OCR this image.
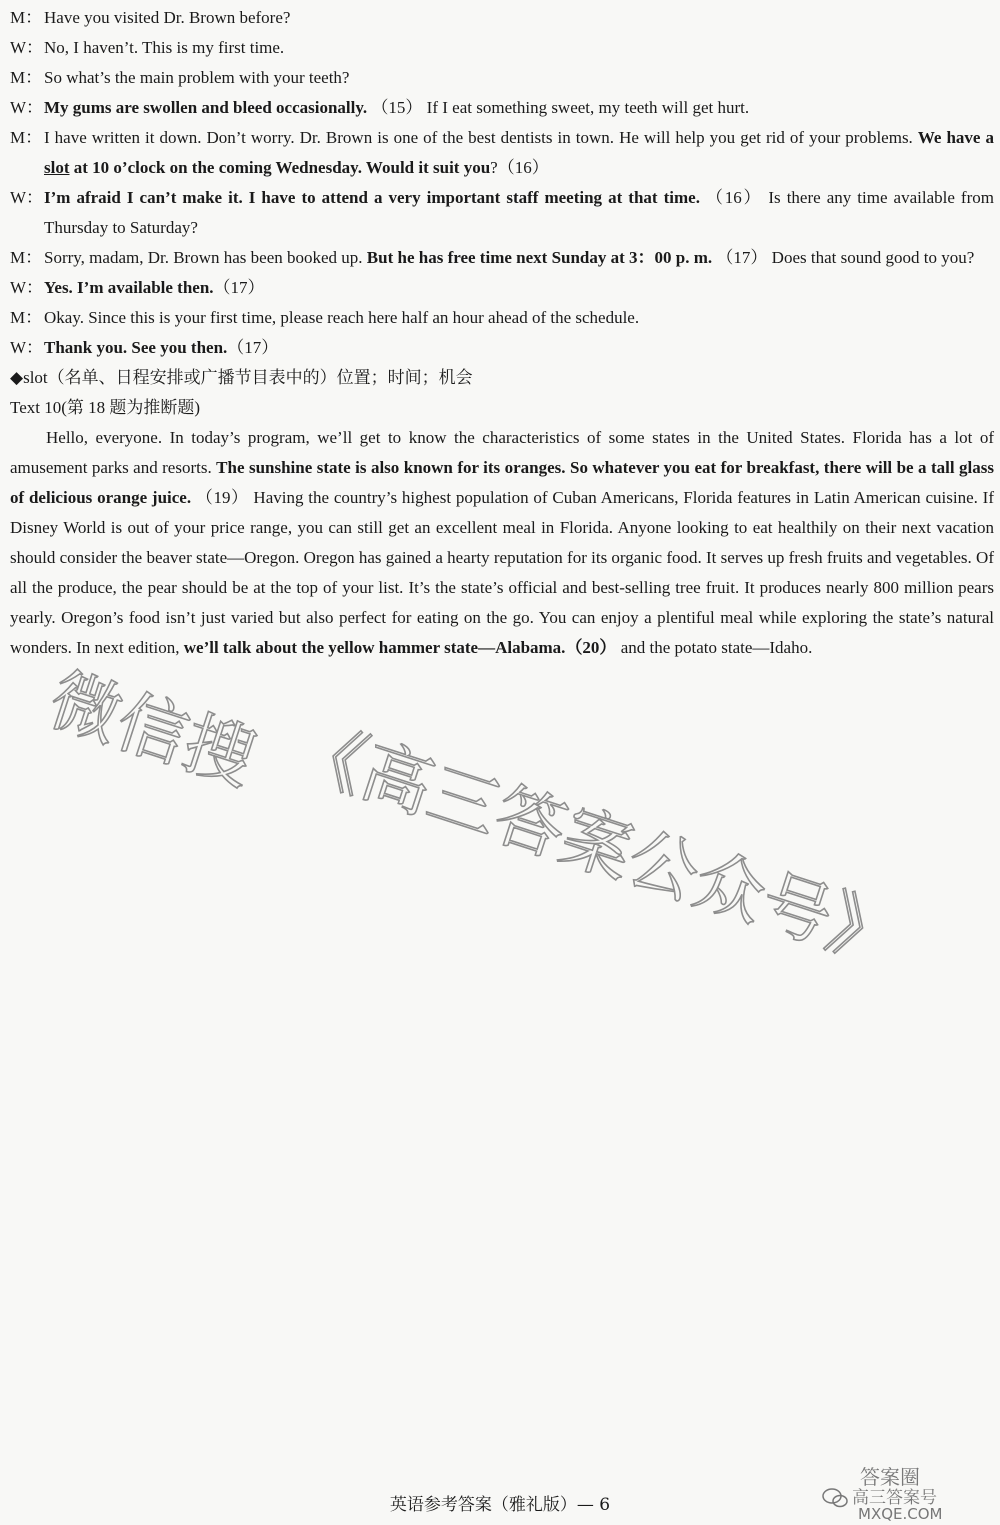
M： Have you visited Dr. Brown before?
W： No, I haven’t. This is my first time.
M： So what’s the main problem with your teeth?
W： My gums are swollen and bleed occasionally. （15） If I eat something sweet, my teeth will get hurt.
M： I have written it down. Don’t worry. Dr. Brown is one of the best dentists in town. He will help you get rid of your problems. We have a slot at 10 o’clock on the coming Wednesday. Would it suit you?（16）
W： I’m afraid I can’t make it. I have to attend a very important staff meeting at that time. （16） Is there any time available from Thursday to Saturday?
M： Sorry, madam, Dr. Brown has been booked up. But he has free time next Sunday at 3：00 p. m. （17） Does that sound good to you?
W： Yes. I’m available then.（17）
M： Okay. Since this is your first time, please reach here half an hour ahead of the schedule.
W： Thank you. See you then.（17）
◆slot（名单、日程安排或广播节目表中的）位置；时间；机会
Text 10(第 18 题为推断题)

Hello, everyone. In today’s program, we’ll get to know the characteristics of some states in the United States. Florida has a lot of amusement parks and resorts. The sunshine state is also known for its oranges. So whatever you eat for breakfast, there will be a tall glass of delicious orange juice. （19） Having the country’s highest population of Cuban Americans, Florida features in Latin American cuisine. If Disney World is out of your price range, you can still get an excellent meal in Florida. Anyone looking to eat healthily on their next vacation should consider the beaver state—Oregon. Oregon has gained a hearty reputation for its organic food. It serves up fresh fruits and vegetables. Of all the produce, the pear should be at the top of your list. It’s the state’s official and best-selling tree fruit. It produces nearly 800 million pears yearly. Oregon’s food isn’t just varied but also perfect for eating on the go. You can enjoy a plentiful meal while exploring the state’s natural wonders. In next edition, we’ll talk about the yellow hammer state—Alabama.（20） and the potato state—Idaho.

微信搜 《高三答案公众号》
英语参考答案（雅礼版）— 6
答案圈
高三答案号
MXQE.COM
